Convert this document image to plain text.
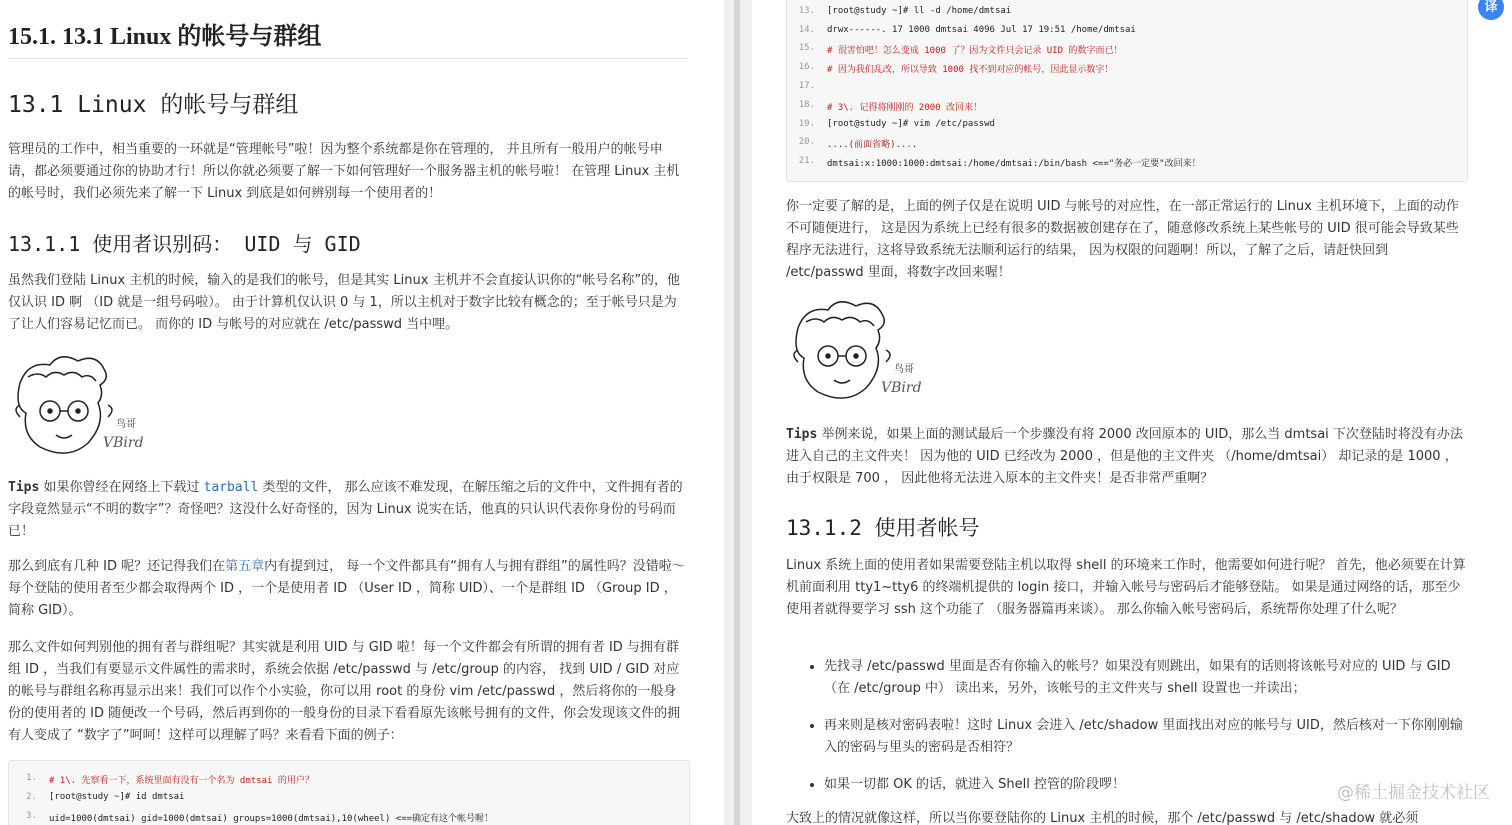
15.1. 13.1 Linux 的帐号与群组
13.1 Linux 的帐号与群组

管理员的工作中，相当重要的一环就是“管理帐号”啦！因为整个系统都是你在管理的， 并且所有一般用户的帐号申请，都必须要通过你的协助才行！所以你就必须要了解一下如何管理好一个服务器主机的帐号啦！ 在管理 Linux 主机的帐号时，我们必须先来了解一下 Linux 到底是如何辨别每一个使用者的！

13.1.1 使用者识别码： UID 与 GID

虽然我们登陆 Linux 主机的时候，输入的是我们的帐号，但是其实 Linux 主机并不会直接认识你的“帐号名称”的，他仅认识 ID 啊 （ID 就是一组号码啦）。 由于计算机仅认识 0 与 1，所以主机对于数字比较有概念的；至于帐号只是为了让人们容易记忆而已。 而你的 ID 与帐号的对应就在 /etc/passwd 当中哩。

鸟哥
VBird

Tips 如果你曾经在网络上下载过 tarball 类型的文件， 那么应该不难发现，在解压缩之后的文件中，文件拥有者的字段竟然显示“不明的数字”？奇怪吧？这没什么好奇怪的，因为 Linux 说实在话，他真的只认识代表你身份的号码而已！

那么到底有几种 ID 呢？还记得我们在第五章内有提到过， 每一个文件都具有“拥有人与拥有群组”的属性吗？没错啦～每个登陆的使用者至少都会取得两个 ID ，一个是使用者 ID （User ID ，简称 UID）、一个是群组 ID （Group ID ，简称 GID）。

那么文件如何判别他的拥有者与群组呢？其实就是利用 UID 与 GID 啦！每一个文件都会有所谓的拥有者 ID 与拥有群组 ID ，当我们有要显示文件属性的需求时，系统会依据 /etc/passwd 与 /etc/group 的内容， 找到 UID / GID 对应的帐号与群组名称再显示出来！我们可以作个小实验，你可以用 root 的身份 vim /etc/passwd ，然后将你的一般身份的使用者的 ID 随便改一个号码，然后再到你的一般身份的目录下看看原先该帐号拥有的文件，你会发现该文件的拥有人变成了 “数字了”呵呵！这样可以理解了吗？来看看下面的例子：

1. # 1\. 先察看一下，系统里面有没有一个名为 dmtsai 的用户？
2. [root@study ~]# id dmtsai
3. uid=1000(dmtsai) gid=1000(dmtsai) groups=1000(dmtsai),10(wheel) <==确定有这个帐号喔！
译
13. [root@study ~]# ll -d /home/dmtsai
14. drwx------. 17 1000 dmtsai 4096 Jul 17 19:51 /home/dmtsai
15. # 很害怕吧！怎么变成 1000 了？因为文件只会记录 UID 的数字而已！
16. # 因为我们乱改，所以导致 1000 找不到对应的帐号，因此显示数字！
17.
18. # 3\. 记得将刚刚的 2000 改回来！
19. [root@study ~]# vim /etc/passwd
20. ....(前面省略)....
21. dmtsai:x:1000:1000:dmtsai:/home/dmtsai:/bin/bash <=="务必一定要"改回来！

你一定要了解的是，上面的例子仅是在说明 UID 与帐号的对应性，在一部正常运行的 Linux 主机环境下，上面的动作不可随便进行， 这是因为系统上已经有很多的数据被创建存在了，随意修改系统上某些帐号的 UID 很可能会导致某些程序无法进行，这将导致系统无法顺利运行的结果， 因为权限的问题啊！所以，了解了之后，请赶快回到 /etc/passwd 里面，将数字改回来喔！

鸟哥
VBird

Tips 举例来说，如果上面的测试最后一个步骤没有将 2000 改回原本的 UID，那么当 dmtsai 下次登陆时将没有办法进入自己的主文件夹！ 因为他的 UID 已经改为 2000 ，但是他的主文件夹 （/home/dmtsai） 却记录的是 1000 ，由于权限是 700 ， 因此他将无法进入原本的主文件夹！是否非常严重啊？

13.1.2 使用者帐号

Linux 系统上面的使用者如果需要登陆主机以取得 shell 的环境来工作时，他需要如何进行呢？ 首先，他必须要在计算机前面利用 tty1~tty6 的终端机提供的 login 接口，并输入帐号与密码后才能够登陆。 如果是通过网络的话，那至少使用者就得要学习 ssh 这个功能了 （服务器篇再来谈）。 那么你输入帐号密码后，系统帮你处理了什么呢？

• 先找寻 /etc/passwd 里面是否有你输入的帐号？如果没有则跳出，如果有的话则将该帐号对应的 UID 与 GID （在 /etc/group 中） 读出来，另外，该帐号的主文件夹与 shell 设置也一并读出；
• 再来则是核对密码表啦！这时 Linux 会进入 /etc/shadow 里面找出对应的帐号与 UID，然后核对一下你刚刚输入的密码与里头的密码是否相符？
• 如果一切都 OK 的话，就进入 Shell 控管的阶段啰！

大致上的情况就像这样，所以当你要登陆你的 Linux 主机的时候，那个 /etc/passwd 与 /etc/shadow 就必须

@稀土掘金技术社区
